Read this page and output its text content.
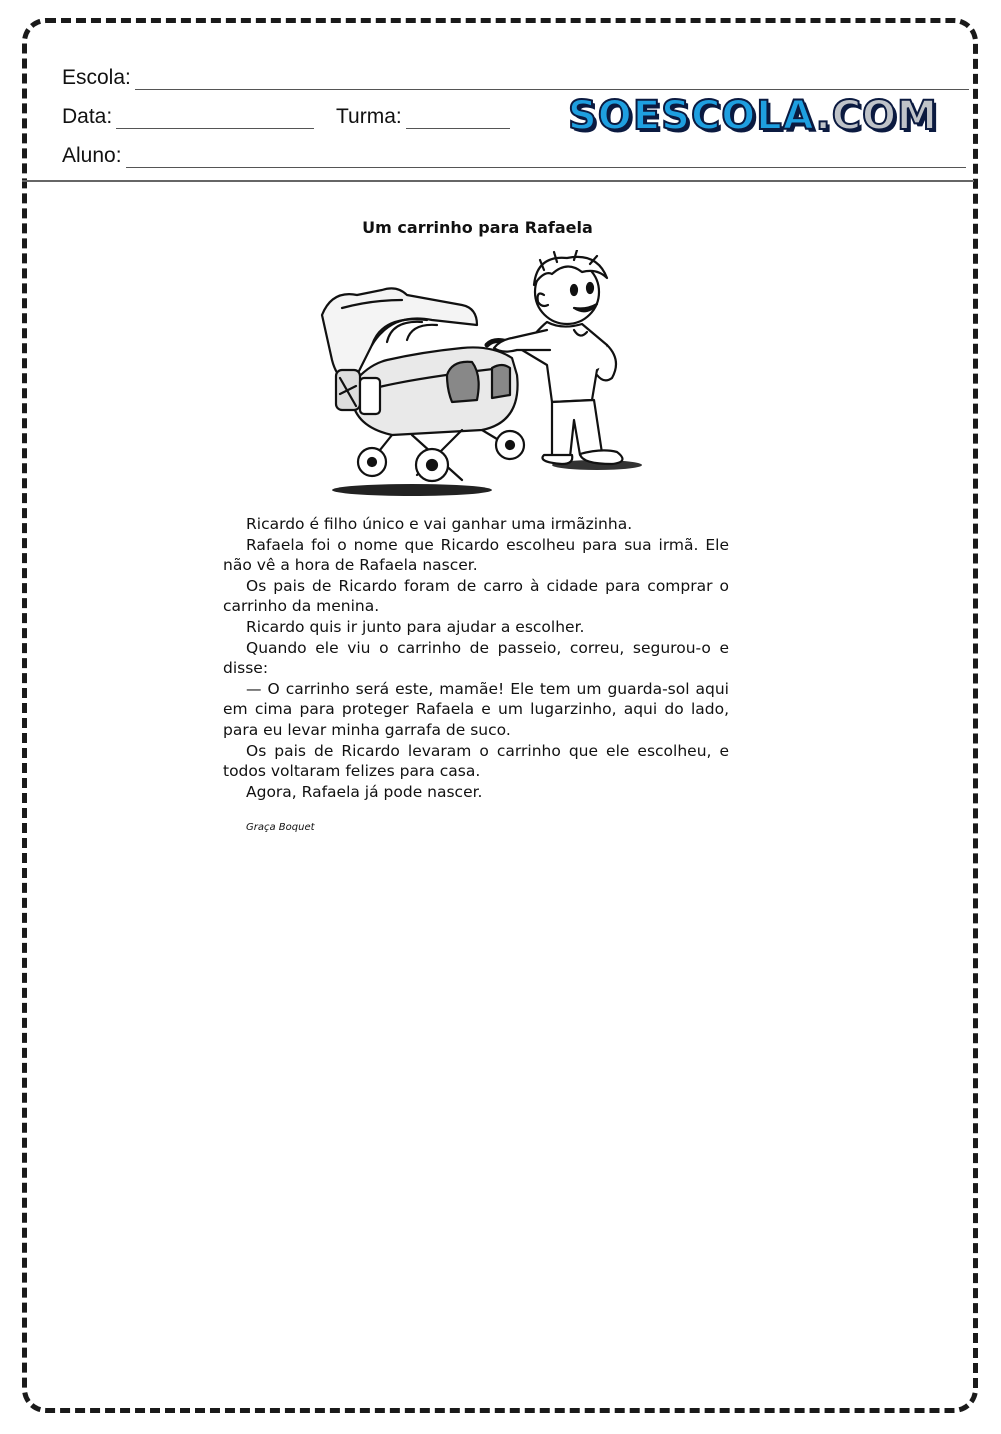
Escola:
Data:	Turma:
Aluno:
SOESCOLA.COM
Um carrinho para Rafaela

Ricardo é filho único e vai ganhar uma irmãzinha.

Rafaela foi o nome que Ricardo escolheu para sua irmã. Ele não vê a hora de Rafaela nascer.

Os pais de Ricardo foram de carro à cidade para comprar o carrinho da menina.

Ricardo quis ir junto para ajudar a escolher.

Quando ele viu o carrinho de passeio, correu, segurou-o e disse:

— O carrinho será este, mamãe! Ele tem um guarda-sol aqui em cima para proteger Rafaela e um lugarzinho, aqui do lado, para eu levar minha garrafa de suco.

Os pais de Ricardo levaram o carrinho que ele escolheu, e todos voltaram felizes para casa.

Agora, Rafaela já pode nascer.

Graça Boquet
